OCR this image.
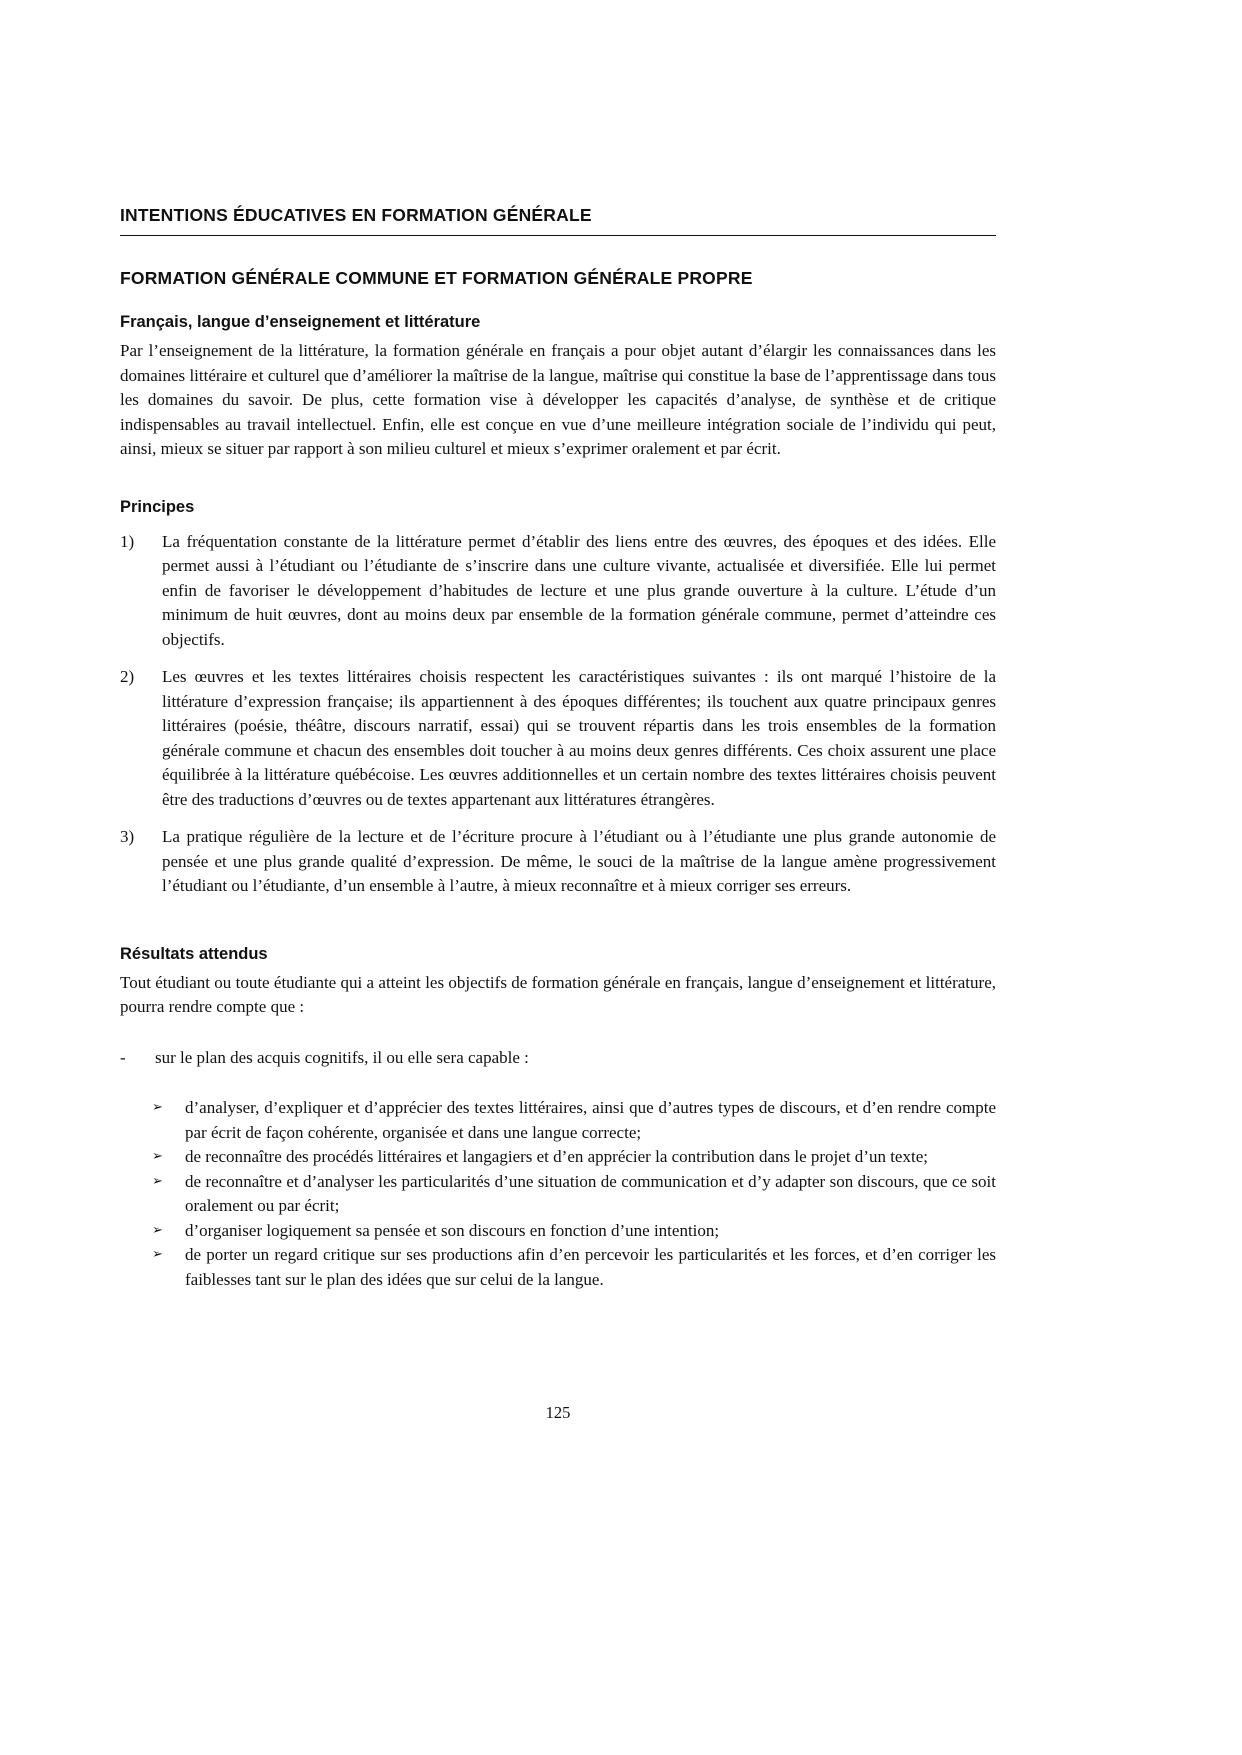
INTENTIONS ÉDUCATIVES EN FORMATION GÉNÉRALE
FORMATION GÉNÉRALE COMMUNE ET FORMATION GÉNÉRALE PROPRE
Français, langue d’enseignement et littérature

Par l’enseignement de la littérature, la formation générale en français a pour objet autant d’élargir les connaissances dans les domaines littéraire et culturel que d’améliorer la maîtrise de la langue, maîtrise qui constitue la base de l’apprentissage dans tous les domaines du savoir. De plus, cette formation vise à développer les capacités d’analyse, de synthèse et de critique indispensables au travail intellectuel. Enfin, elle est conçue en vue d’une meilleure intégration sociale de l’individu qui peut, ainsi, mieux se situer par rapport à son milieu culturel et mieux s’exprimer oralement et par écrit.

Principes
1)	La fréquentation constante de la littérature permet d’établir des liens entre des œuvres, des époques et des idées. Elle permet aussi à l’étudiant ou l’étudiante de s’inscrire dans une culture vivante, actualisée et diversifiée. Elle lui permet enfin de favoriser le développement d’habitudes de lecture et une plus grande ouverture à la culture. L’étude d’un minimum de huit œuvres, dont au moins deux par ensemble de la formation générale commune, permet d’atteindre ces objectifs.

2)	Les œuvres et les textes littéraires choisis respectent les caractéristiques suivantes : ils ont marqué l’histoire de la littérature d’expression française; ils appartiennent à des époques différentes; ils touchent aux quatre principaux genres littéraires (poésie, théâtre, discours narratif, essai) qui se trouvent répartis dans les trois ensembles de la formation générale commune et chacun des ensembles doit toucher à au moins deux genres différents. Ces choix assurent une place équilibrée à la littérature québécoise. Les œuvres additionnelles et un certain nombre des textes littéraires choisis peuvent être des traductions d’œuvres ou de textes appartenant aux littératures étrangères.

3)	La pratique régulière de la lecture et de l’écriture procure à l’étudiant ou à l’étudiante une plus grande autonomie de pensée et une plus grande qualité d’expression. De même, le souci de la maîtrise de la langue amène progressivement l’étudiant ou l’étudiante, d’un ensemble à l’autre, à mieux reconnaître et à mieux corriger ses erreurs.

Résultats attendus

Tout étudiant ou toute étudiante qui a atteint les objectifs de formation générale en français, langue d’enseignement et littérature, pourra rendre compte que :

-	sur le plan des acquis cognitifs, il ou elle sera capable :

➢	d’analyser, d’expliquer et d’apprécier des textes littéraires, ainsi que d’autres types de discours, et d’en rendre compte par écrit de façon cohérente, organisée et dans une langue correcte;

➢	de reconnaître des procédés littéraires et langagiers et d’en apprécier la contribution dans le projet d’un texte;

➢	de reconnaître et d’analyser les particularités d’une situation de communication et d’y adapter son discours, que ce soit oralement ou par écrit;

➢	d’organiser logiquement sa pensée et son discours en fonction d’une intention;

➢	de porter un regard critique sur ses productions afin d’en percevoir les particularités et les forces, et d’en corriger les faiblesses tant sur le plan des idées que sur celui de la langue.

125
